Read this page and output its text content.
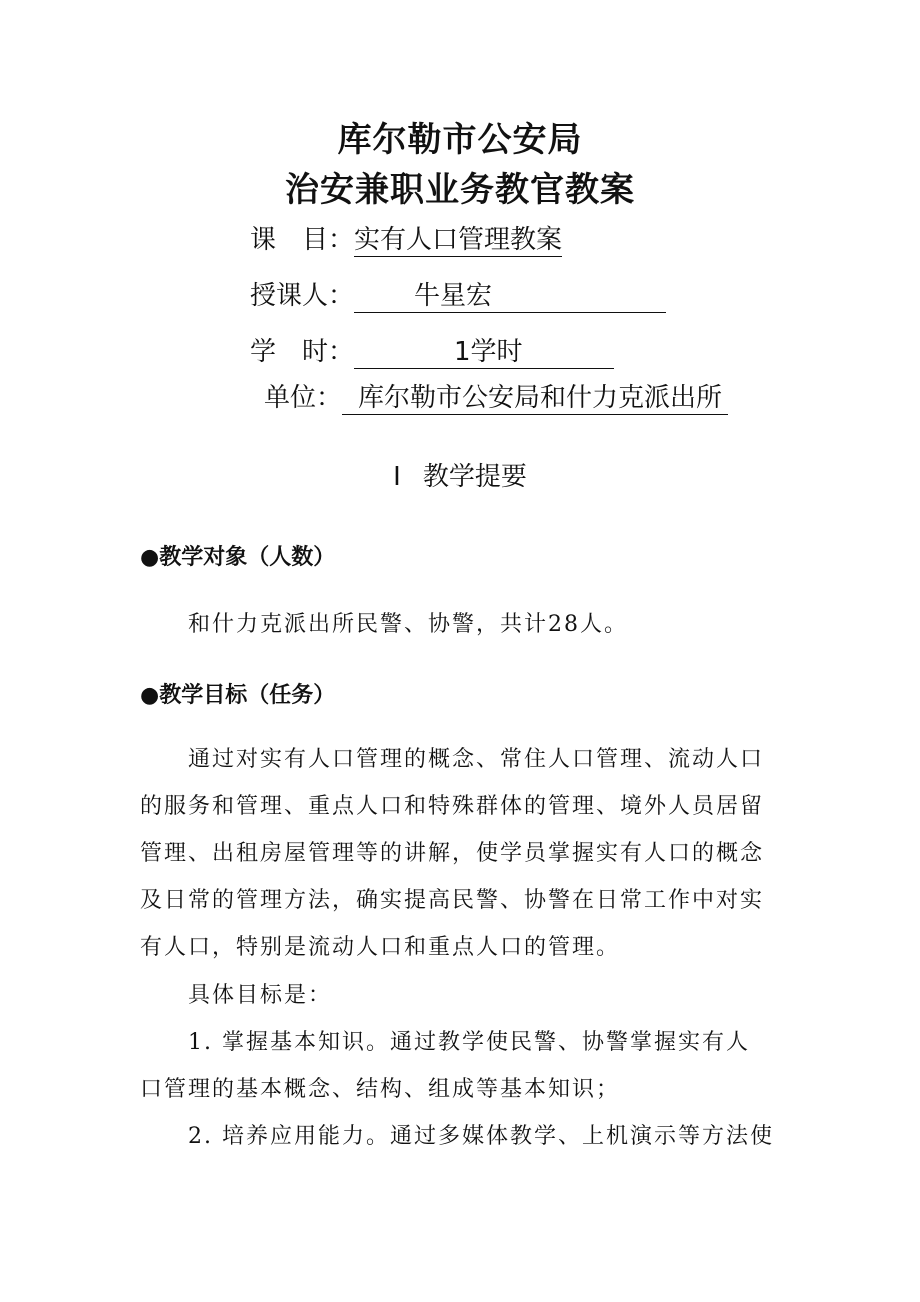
库尔勒市公安局
治安兼职业务教官教案
课　目：实有人口管理教案
授课人： 牛星宏
学　时：	1学时
单位： 库尔勒市公安局和什力克派出所
Ⅰ 教学提要
●教学对象（人数）

和什力克派出所民警、协警，共计28人。

●教学目标（任务）

通过对实有人口管理的概念、常住人口管理、流动人口
的服务和管理、重点人口和特殊群体的管理、境外人员居留
管理、出租房屋管理等的讲解，使学员掌握实有人口的概念
及日常的管理方法，确实提高民警、协警在日常工作中对实
有人口，特别是流动人口和重点人口的管理。

具体目标是：

1. 掌握基本知识。通过教学使民警、协警掌握实有人
口管理的基本概念、结构、组成等基本知识；

2. 培养应用能力。通过多媒体教学、上机演示等方法使
